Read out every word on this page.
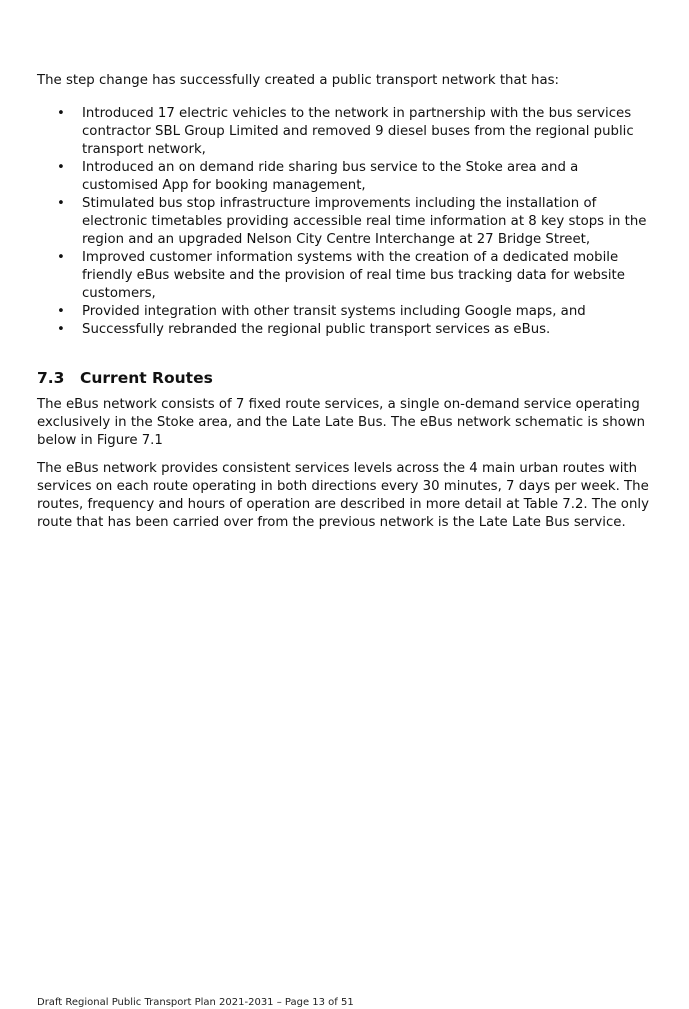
The step change has successfully created a public transport network that has:

• Introduced 17 electric vehicles to the network in partnership with the bus services contractor SBL Group Limited and removed 9 diesel buses from the regional public transport network,
• Introduced an on demand ride sharing bus service to the Stoke area and a customised App for booking management,
• Stimulated bus stop infrastructure improvements including the installation of electronic timetables providing accessible real time information at 8 key stops in the region and an upgraded Nelson City Centre Interchange at 27 Bridge Street,
• Improved customer information systems with the creation of a dedicated mobile friendly eBus website and the provision of real time bus tracking data for website customers,
• Provided integration with other transit systems including Google maps, and
• Successfully rebranded the regional public transport services as eBus.
7.3 Current Routes

The eBus network consists of 7 fixed route services, a single on-demand service operating exclusively in the Stoke area, and the Late Late Bus. The eBus network schematic is shown below in Figure 7.1

The eBus network provides consistent services levels across the 4 main urban routes with services on each route operating in both directions every 30 minutes, 7 days per week. The routes, frequency and hours of operation are described in more detail at Table 7.2. The only route that has been carried over from the previous network is the Late Late Bus service.

Draft Regional Public Transport Plan 2021-2031 – Page 13 of 51
